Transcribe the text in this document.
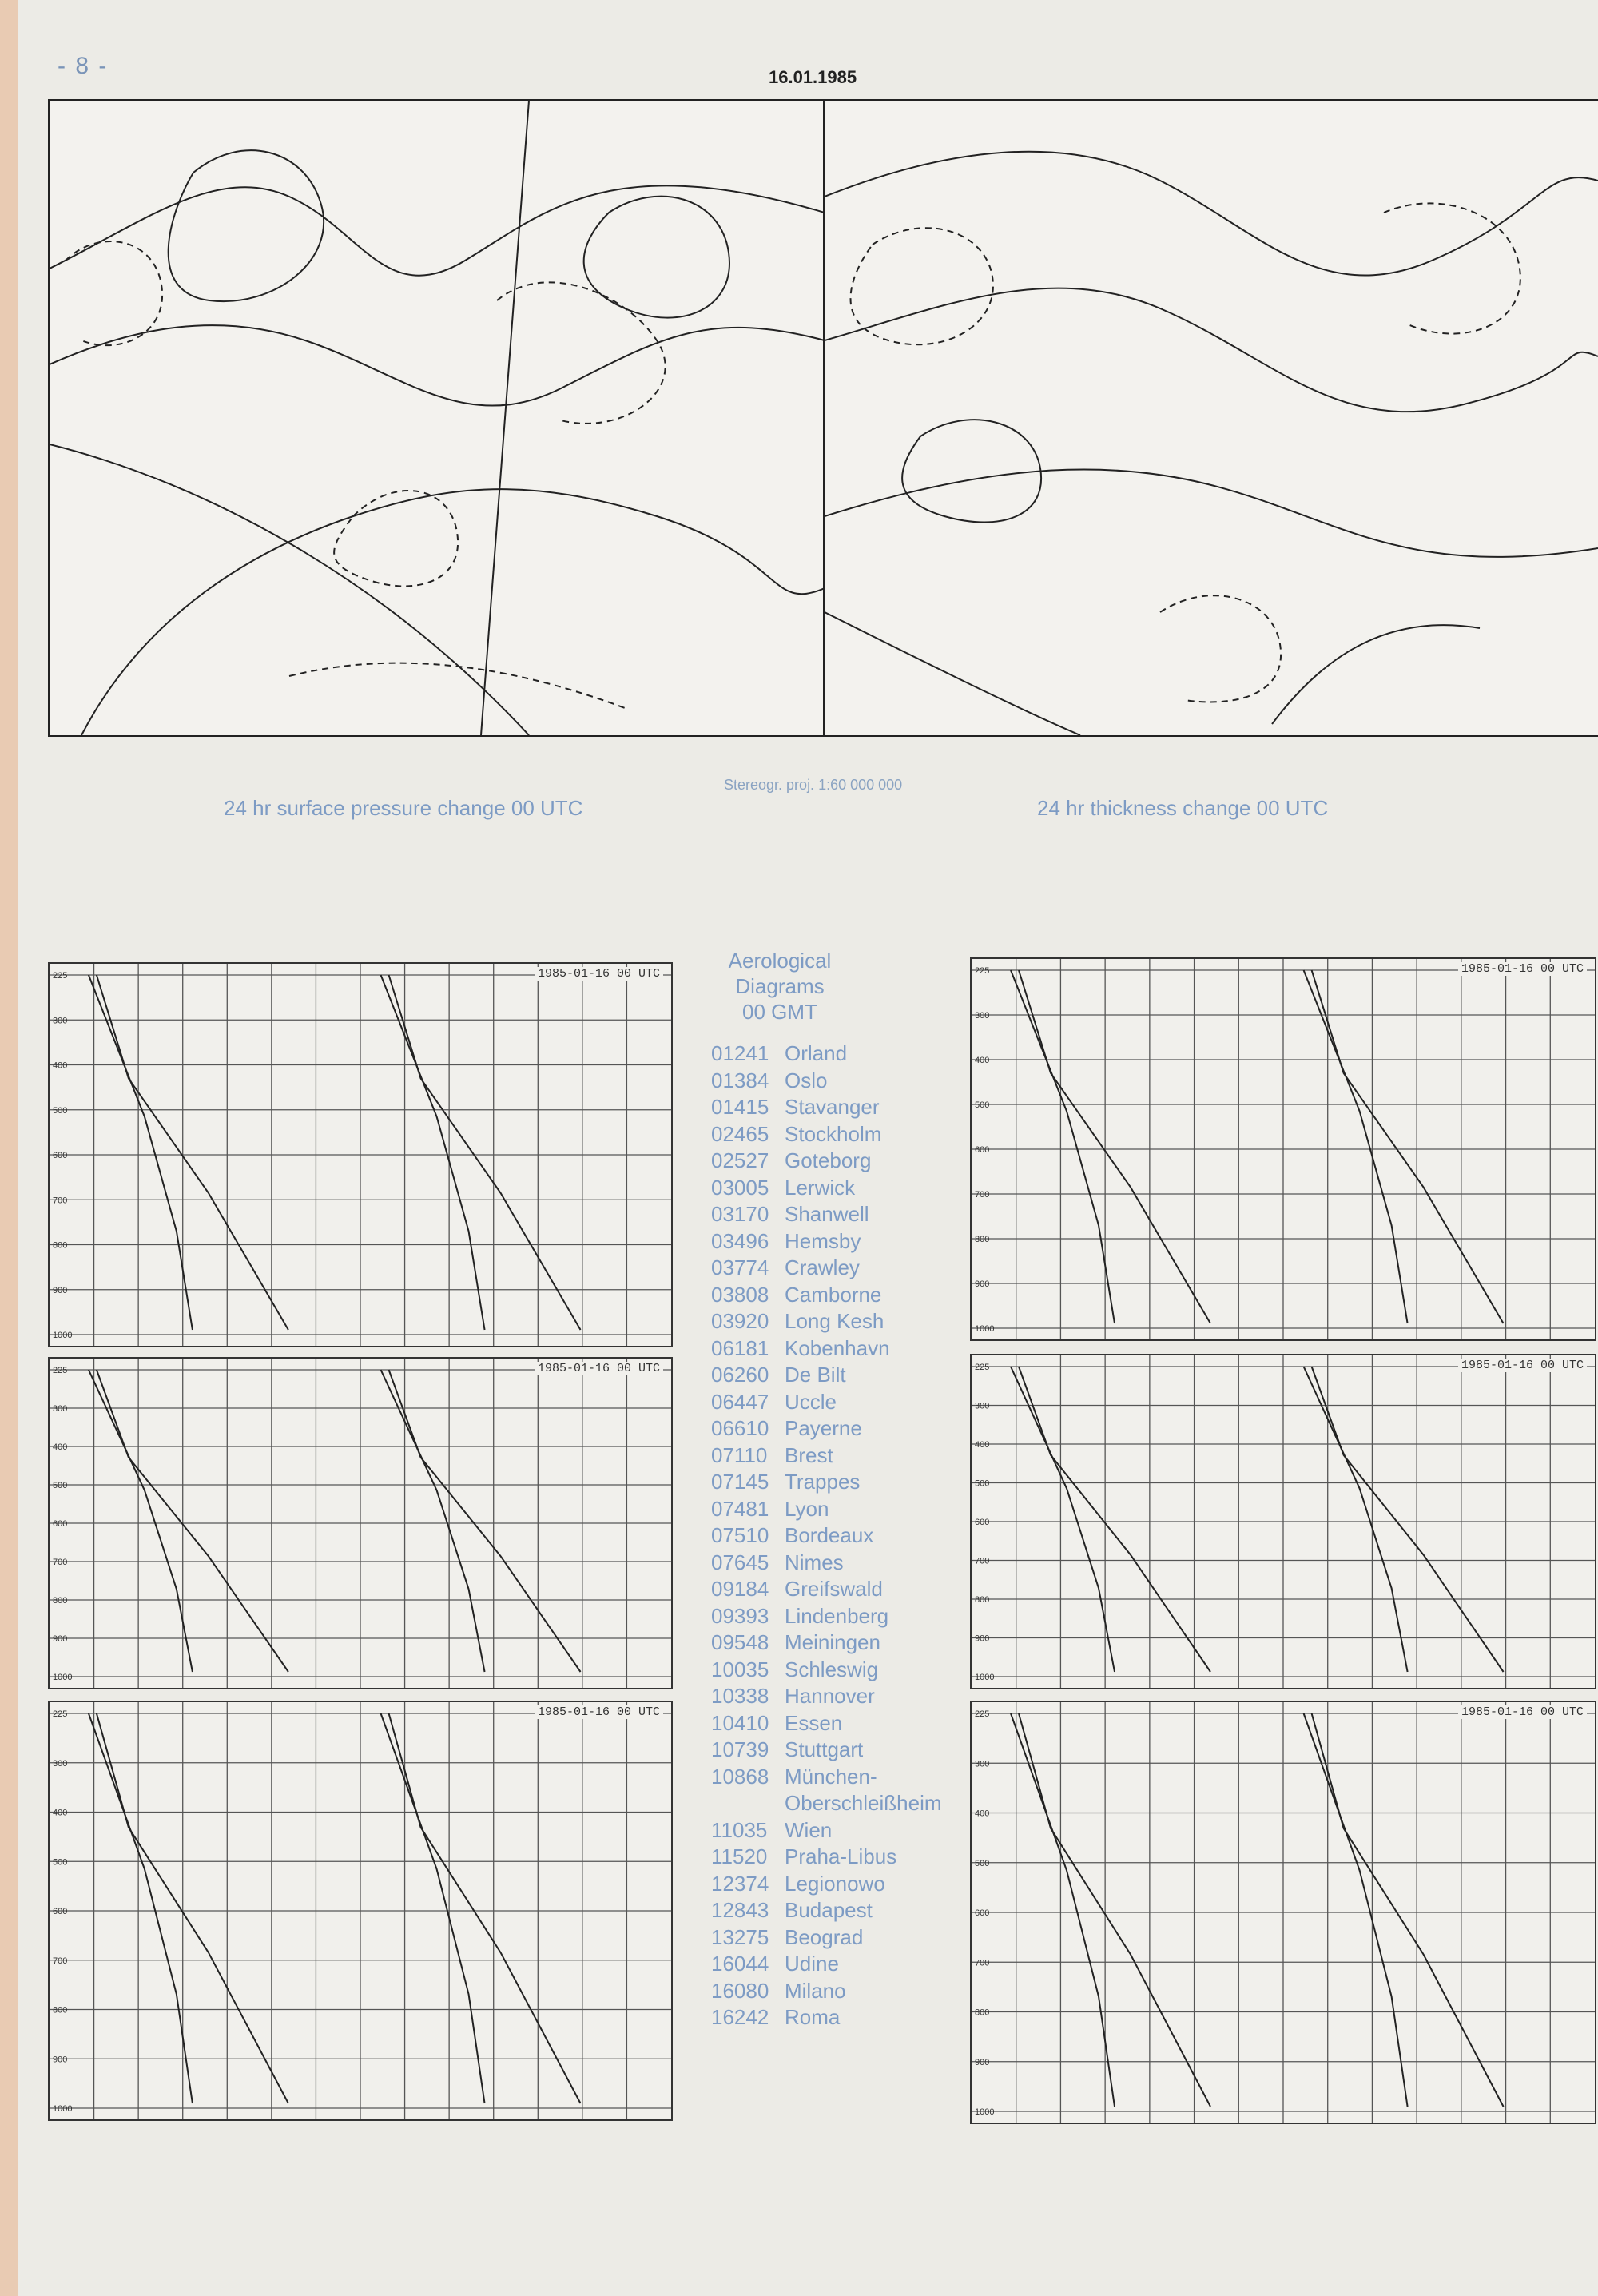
- 8 -	16.01.1985
Stereogr. proj. 1:60 000 000
24 hr surface pressure change 00 UTC	24 hr thickness change 00 UTC
225
300
400
500
600
700
800
900
1000
1985-01-16 00 UTC
225
300
400
500
600
700
800
900
1000
1985-01-16 00 UTC
225
300
400
500
600
700
800
900
1000
1985-01-16 00 UTC
225
300
400
500
600
700
800
900
1000
1985-01-16 00 UTC
225
300
400
500
600
700
800
900
1000
1985-01-16 00 UTC
225
300
400
500
600
700
800
900
1000
1985-01-16 00 UTC
Aerological
Diagrams
00 GMT
01241 Orland
01384 Oslo
01415 Stavanger
02465 Stockholm
02527 Goteborg
03005 Lerwick
03170 Shanwell
03496 Hemsby
03774 Crawley
03808 Camborne
03920 Long Kesh
06181 Kobenhavn
06260 De Bilt
06447 Uccle
06610 Payerne
07110 Brest
07145 Trappes
07481 Lyon
07510 Bordeaux
07645 Nimes
09184 Greifswald
09393 Lindenberg
09548 Meiningen
10035 Schleswig
10338 Hannover
10410 Essen
10739 Stuttgart
10868 München-
Oberschleißheim
11035 Wien
11520 Praha-Libus
12374 Legionowo
12843 Budapest
13275 Beograd
16044 Udine
16080 Milano
16242 Roma
